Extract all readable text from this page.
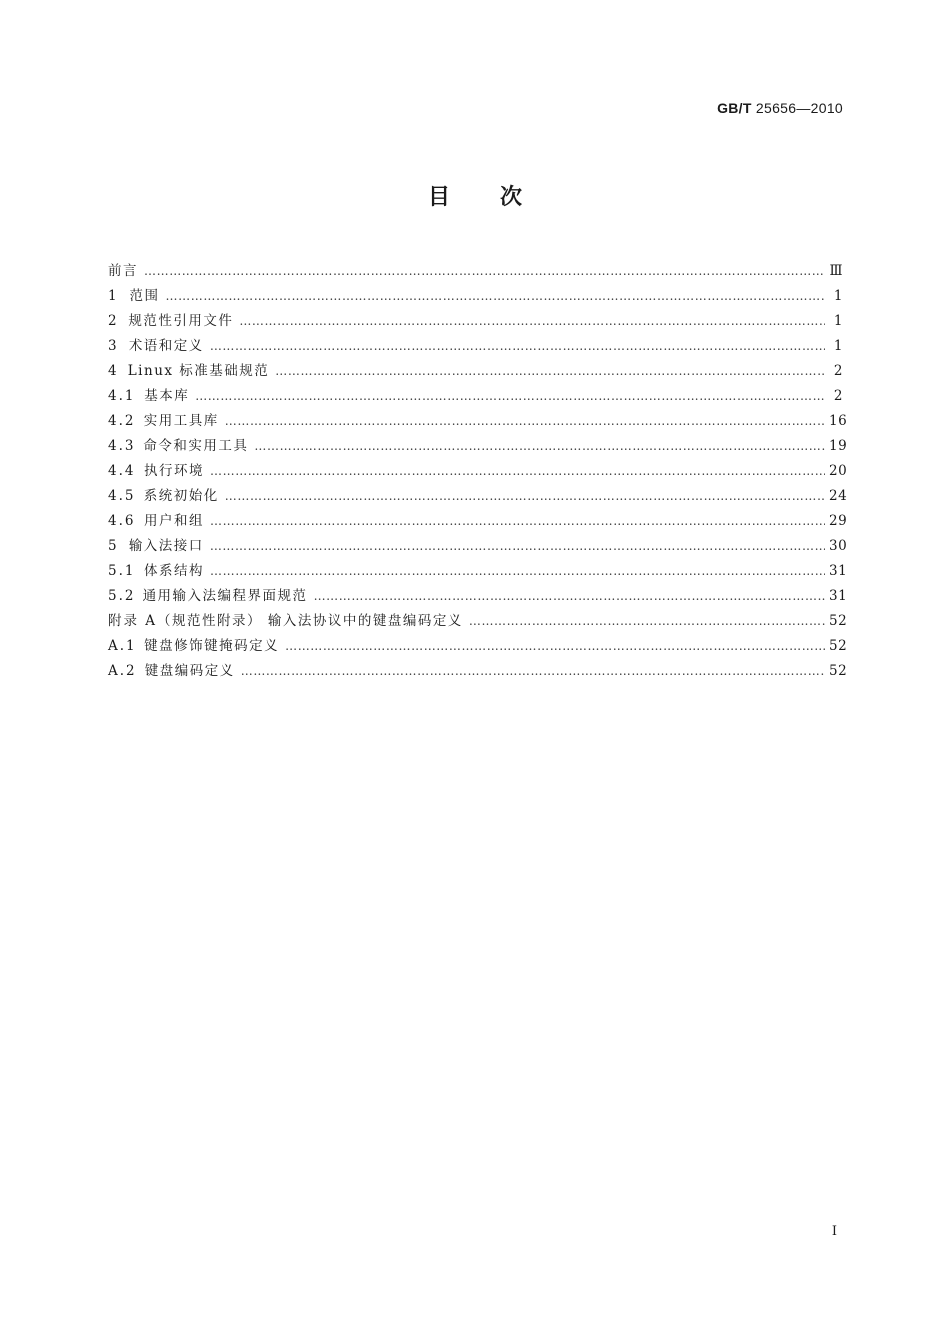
GB/T 25656—2010
目 次
前言 ……………………………………………………………………………………………………………………………………………………………………………………………………………………………………	Ⅲ
1 范围 ……………………………………………………………………………………………………………………………………………………………………………………………………………………………………	1
2 规范性引用文件 ……………………………………………………………………………………………………………………………………………………………………………………………………………………………………	1
3 术语和定义 ……………………………………………………………………………………………………………………………………………………………………………………………………………………………………	1
4 Linux 标准基础规范 ……………………………………………………………………………………………………………………………………………………………………………………………………………………………………	2
4.1 基本库 ……………………………………………………………………………………………………………………………………………………………………………………………………………………………………	2
4.2 实用工具库 ……………………………………………………………………………………………………………………………………………………………………………………………………………………………………	16
4.3 命令和实用工具 ……………………………………………………………………………………………………………………………………………………………………………………………………………………………………	19
4.4 执行环境 ……………………………………………………………………………………………………………………………………………………………………………………………………………………………………	20
4.5 系统初始化 ……………………………………………………………………………………………………………………………………………………………………………………………………………………………………	24
4.6 用户和组 ……………………………………………………………………………………………………………………………………………………………………………………………………………………………………	29
5 输入法接口 ……………………………………………………………………………………………………………………………………………………………………………………………………………………………………	30
5.1 体系结构 ……………………………………………………………………………………………………………………………………………………………………………………………………………………………………	31
5.2 通用输入法编程界面规范 ……………………………………………………………………………………………………………………………………………………………………………………………………………………………………	31
附录 A （规范性附录） 输入法协议中的键盘编码定义 ……………………………………………………………………………………………………………………………………………………………………………………………………………………………………	52
A.1 键盘修饰键掩码定义 ……………………………………………………………………………………………………………………………………………………………………………………………………………………………………	52
A.2 键盘编码定义 ……………………………………………………………………………………………………………………………………………………………………………………………………………………………………	52
I
